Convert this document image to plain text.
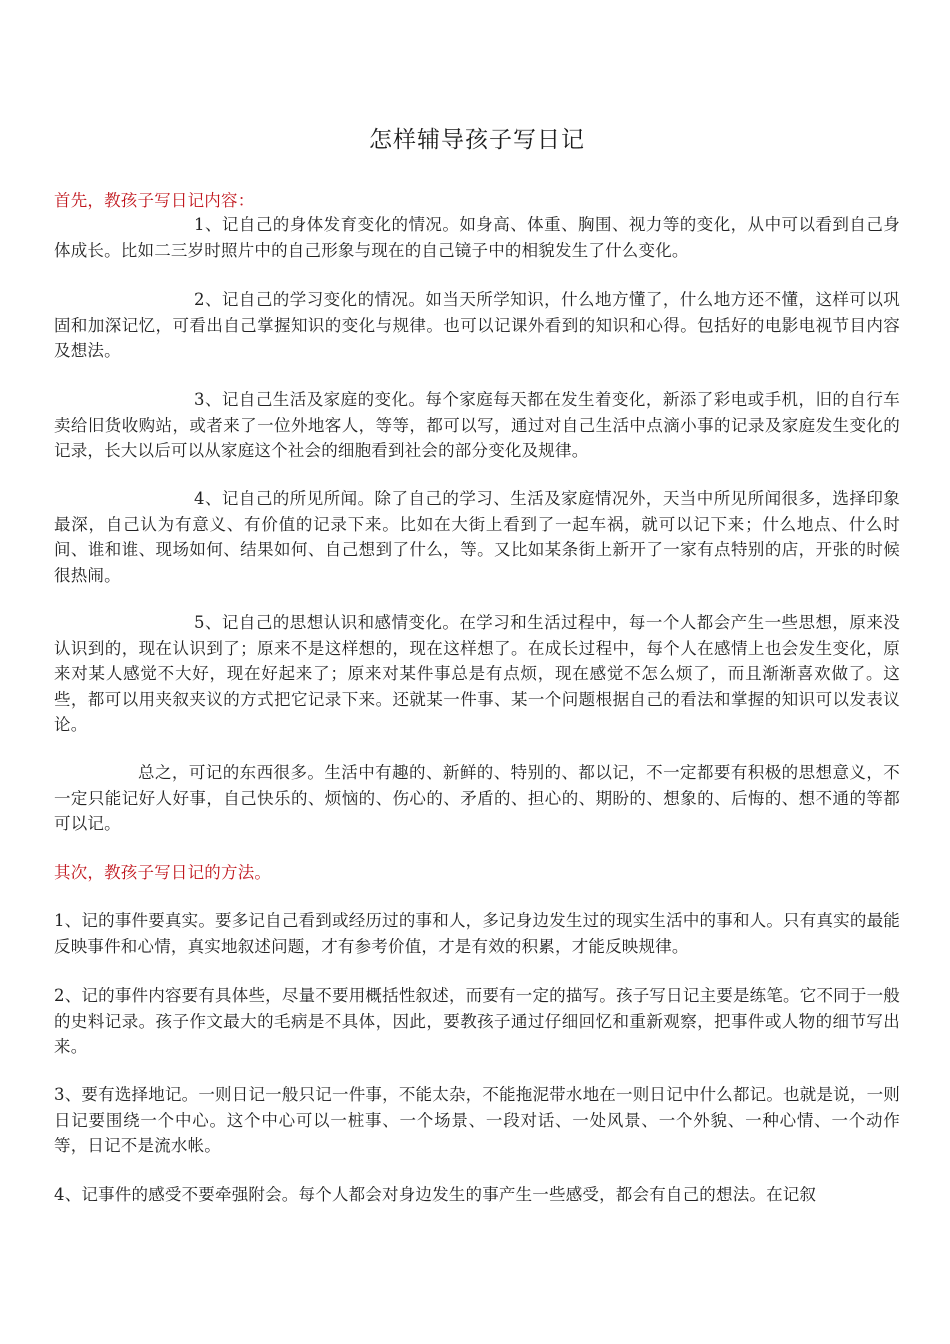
怎样辅导孩子写日记
首先，教孩子写日记内容：

1、记自己的身体发育变化的情况。如身高、体重、胸围、视力等的变化，从中可以看到自己身体成长。比如二三岁时照片中的自己形象与现在的自己镜子中的相貌发生了什么变化。

2、记自己的学习变化的情况。如当天所学知识，什么地方懂了，什么地方还不懂，这样可以巩固和加深记忆，可看出自己掌握知识的变化与规律。也可以记课外看到的知识和心得。包括好的电影电视节目内容及想法。

3、记自己生活及家庭的变化。每个家庭每天都在发生着变化，新添了彩电或手机，旧的自行车卖给旧货收购站，或者来了一位外地客人，等等，都可以写，通过对自己生活中点滴小事的记录及家庭发生变化的记录，长大以后可以从家庭这个社会的细胞看到社会的部分变化及规律。

4、记自己的所见所闻。除了自己的学习、生活及家庭情况外，天当中所见所闻很多，选择印象最深，自己认为有意义、有价值的记录下来。比如在大街上看到了一起车祸，就可以记下来；什么地点、什么时间、谁和谁、现场如何、结果如何、自己想到了什么，等。又比如某条街上新开了一家有点特别的店，开张的时候很热闹。

5、记自己的思想认识和感情变化。在学习和生活过程中，每一个人都会产生一些思想，原来没认识到的，现在认识到了；原来不是这样想的，现在这样想了。在成长过程中，每个人在感情上也会发生变化，原来对某人感觉不大好，现在好起来了；原来对某件事总是有点烦，现在感觉不怎么烦了，而且渐渐喜欢做了。这些，都可以用夹叙夹议的方式把它记录下来。还就某一件事、某一个问题根据自己的看法和掌握的知识可以发表议论。

总之，可记的东西很多。生活中有趣的、新鲜的、特别的、都以记，不一定都要有积极的思想意义，不一定只能记好人好事，自己快乐的、烦恼的、伤心的、矛盾的、担心的、期盼的、想象的、后悔的、想不通的等都可以记。

其次，教孩子写日记的方法。

1、记的事件要真实。要多记自己看到或经历过的事和人，多记身边发生过的现实生活中的事和人。只有真实的最能反映事件和心情，真实地叙述问题，才有参考价值，才是有效的积累，才能反映规律。

2、记的事件内容要有具体些，尽量不要用概括性叙述，而要有一定的描写。孩子写日记主要是练笔。它不同于一般的史料记录。孩子作文最大的毛病是不具体，因此，要教孩子通过仔细回忆和重新观察，把事件或人物的细节写出来。

3、要有选择地记。一则日记一般只记一件事，不能太杂，不能拖泥带水地在一则日记中什么都记。也就是说，一则日记要围绕一个中心。这个中心可以一桩事、一个场景、一段对话、一处风景、一个外貌、一种心情、一个动作等，日记不是流水帐。

4、记事件的感受不要牵强附会。每个人都会对身边发生的事产生一些感受，都会有自己的想法。在记叙
